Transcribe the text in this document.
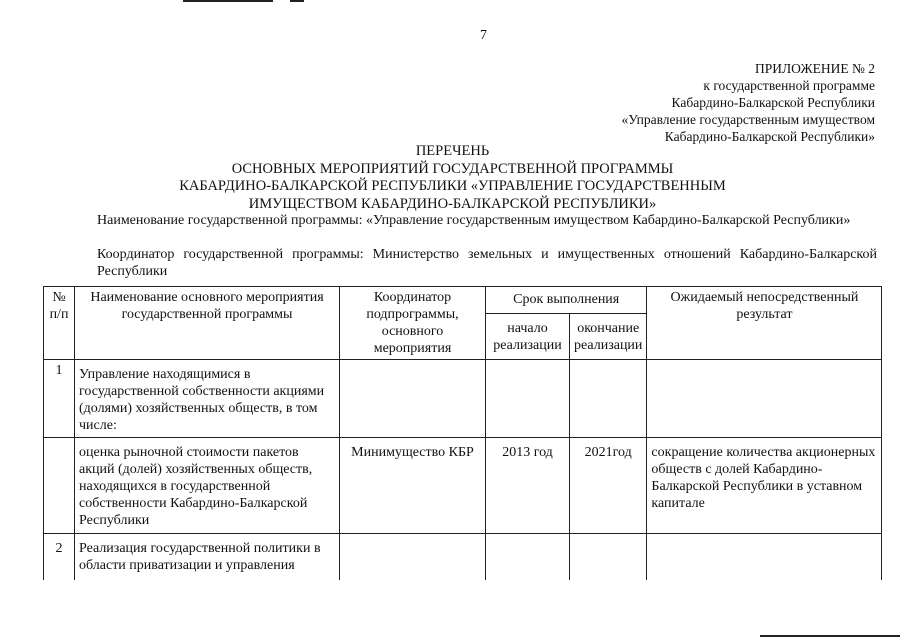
7
ПРИЛОЖЕНИЕ № 2
к государственной программе
Кабардино-Балкарской Республики
«Управление государственным имуществом
Кабардино-Балкарской Республики»
ПЕРЕЧЕНЬ
ОСНОВНЫХ МЕРОПРИЯТИЙ ГОСУДАРСТВЕННОЙ ПРОГРАММЫ
КАБАРДИНО-БАЛКАРСКОЙ РЕСПУБЛИКИ «УПРАВЛЕНИЕ ГОСУДАРСТВЕННЫМ
ИМУЩЕСТВОМ КАБАРДИНО-БАЛКАРСКОЙ РЕСПУБЛИКИ»
Наименование государственной программы: «Управление государственным имуществом Кабардино-Балкарской Республики»
Координатор государственной программы: Министерство земельных и имущественных отношений Кабардино-Балкарской Республики
№ п/п	Наименование основного мероприятия государственной программы	Координатор подпрограммы, основного мероприятия	Срок выполнения		Ожидаемый непосредственный результат
			начало реализации	окончание реализации	
1	Управление находящимися в государственной собственности акциями (долями) хозяйственных обществ, в том числе:				
	оценка рыночной стоимости пакетов акций (долей) хозяйственных обществ, находящихся в государственной собственности Кабардино-Балкарской Республики	Минимущество КБР	2013 год	2021год	сокращение количества акционерных обществ с долей Кабардино-Балкарской Республики в уставном капитале
2	Реализация государственной политики в области приватизации и управления				
